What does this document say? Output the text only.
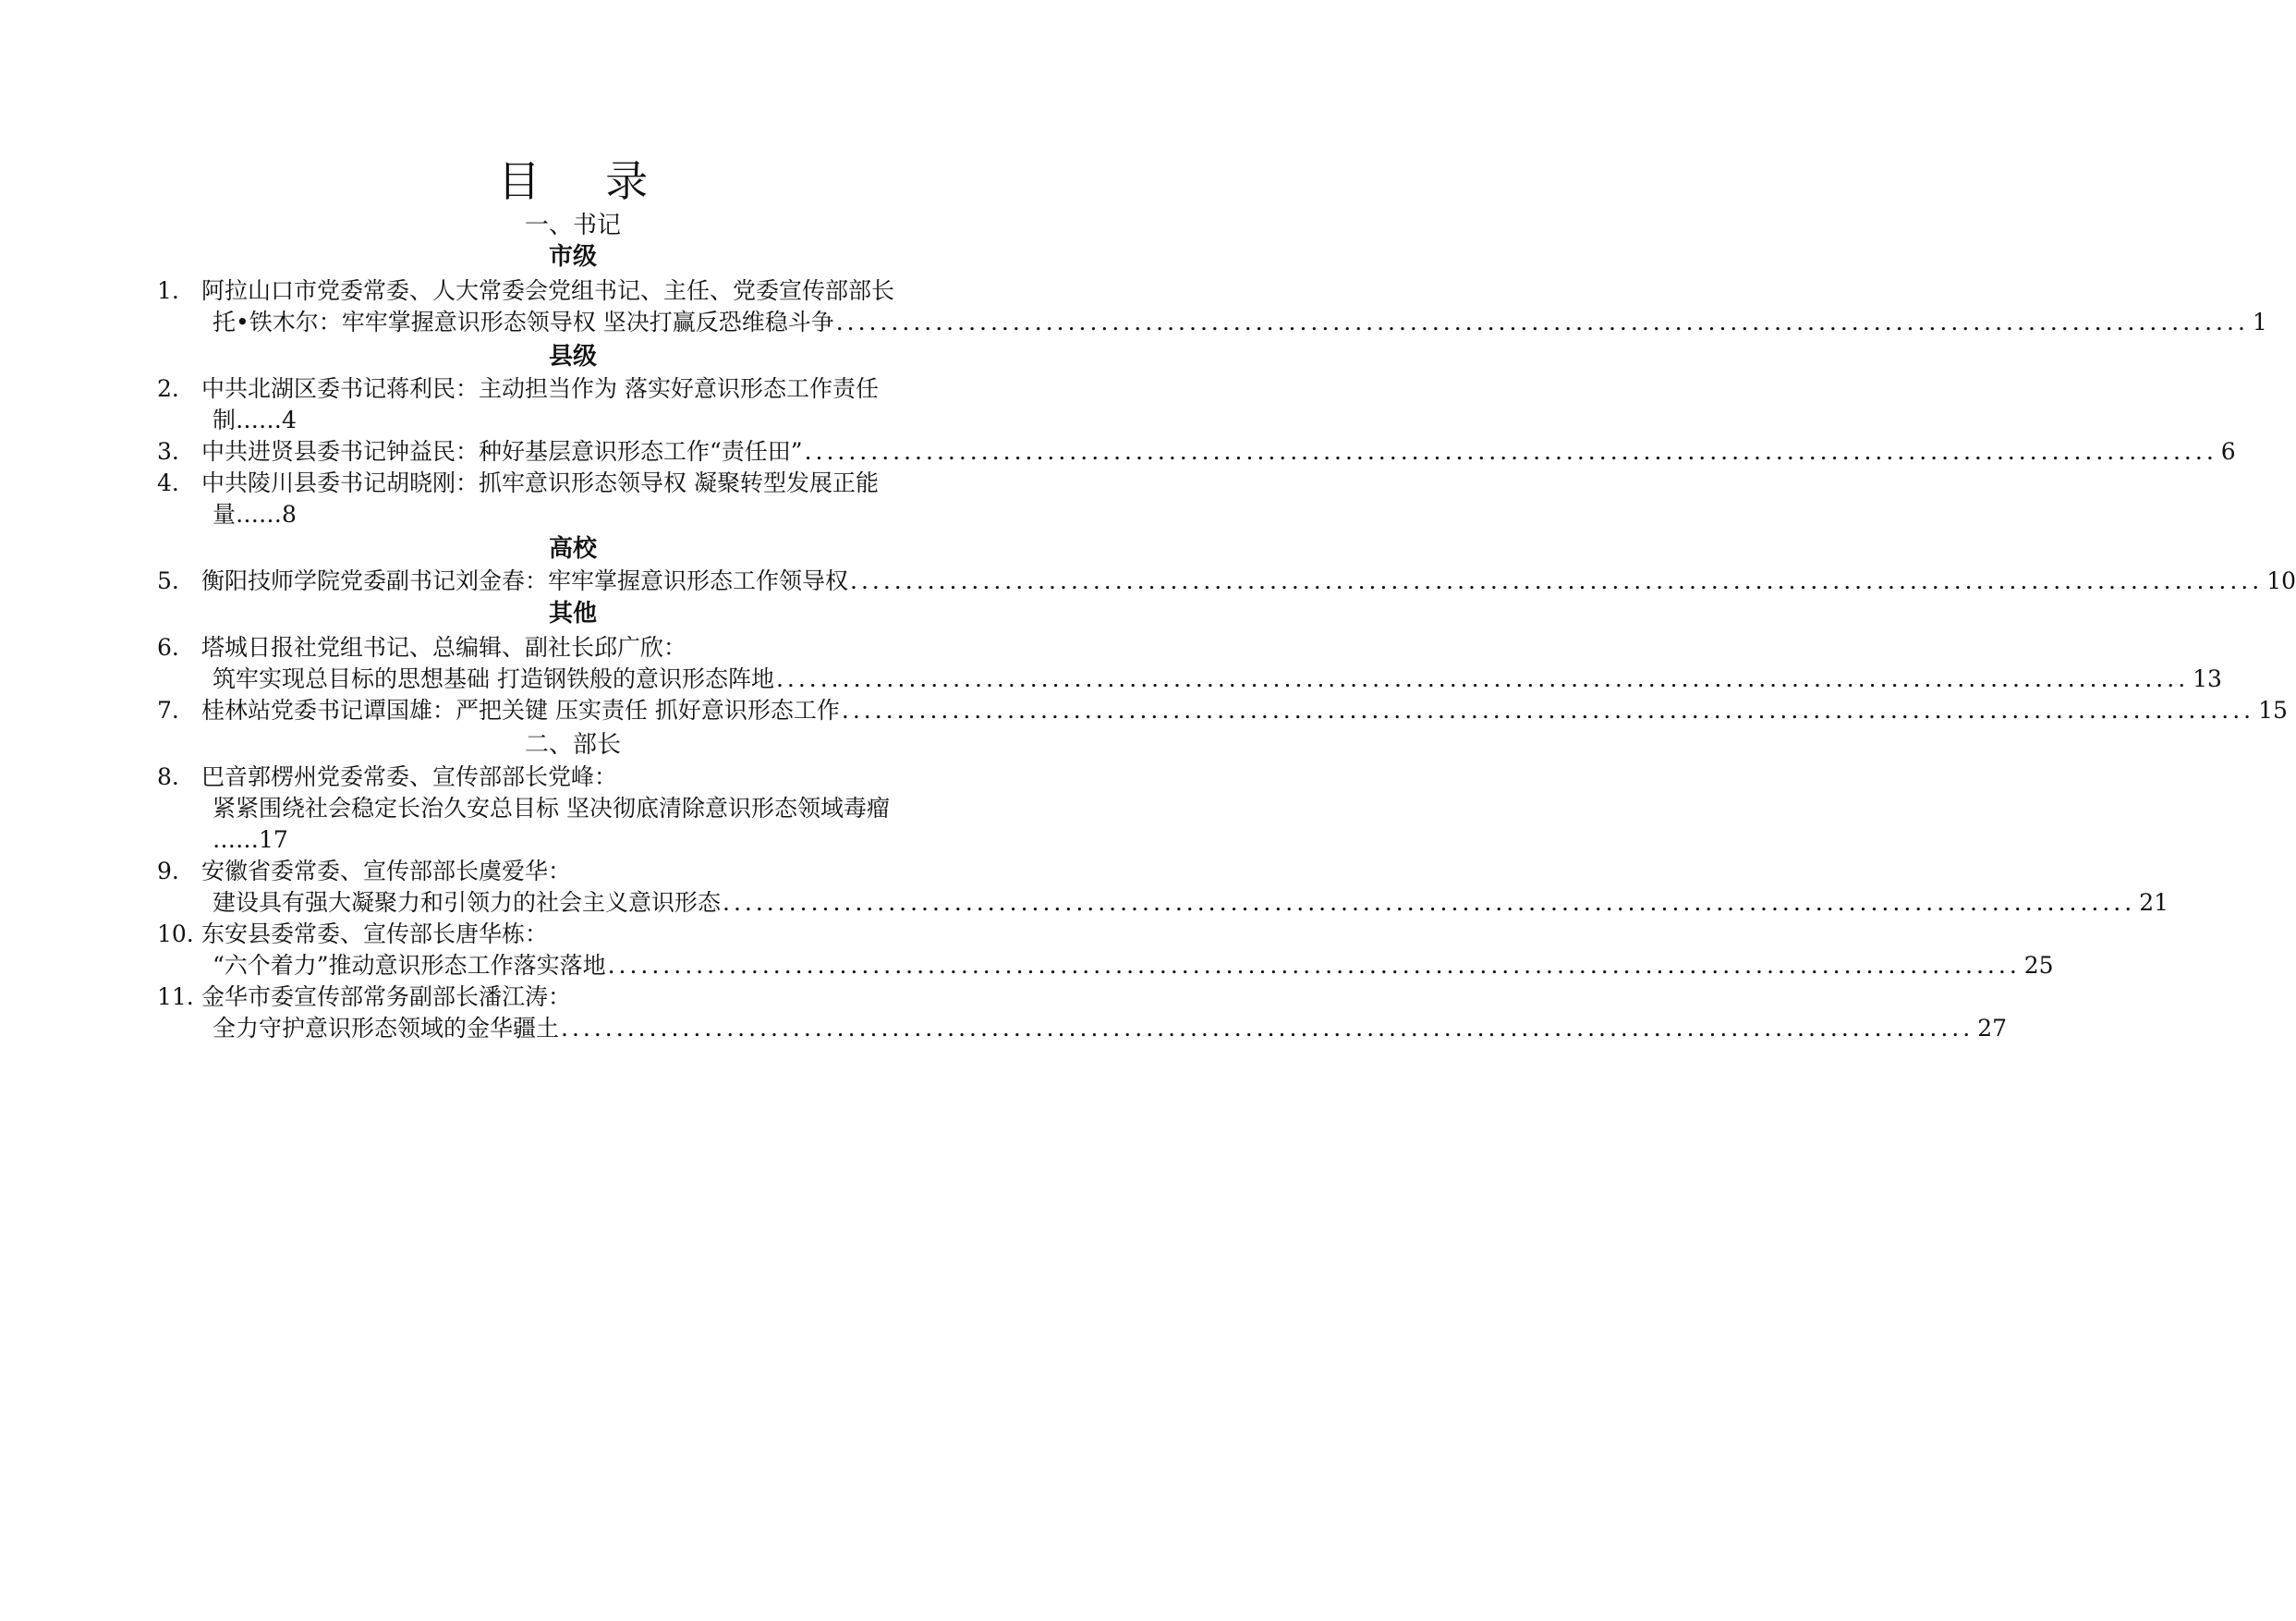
目 录
一、书记
市级
1. 阿拉山口市党委常委、人大常委会党组书记、主任、党委宣传部部长
托•铁木尔：牢牢掌握意识形态领导权 坚决打赢反恐维稳斗争 ................................................................................................................................ 1
县级
2. 中共北湖区委书记蒋利民：主动担当作为 落实好意识形态工作责任
制……4
3. 中共进贤县委书记钟益民：种好基层意识形态工作“责任田” ................................................................................................................................ 6
4. 中共陵川县委书记胡晓刚：抓牢意识形态领导权 凝聚转型发展正能
量……8
高校
5. 衡阳技师学院党委副书记刘金春：牢牢掌握意识形态工作领导权 ................................................................................................................................ 10
其他
6. 塔城日报社党组书记、总编辑、副社长邱广欣：
筑牢实现总目标的思想基础 打造钢铁般的意识形态阵地 ................................................................................................................................ 13
7. 桂林站党委书记谭国雄：严把关键 压实责任 抓好意识形态工作 ................................................................................................................................ 15
二、部长
8. 巴音郭楞州党委常委、宣传部部长党峰：
紧紧围绕社会稳定长治久安总目标 坚决彻底清除意识形态领域毒瘤
……17
9. 安徽省委常委、宣传部部长虞爱华：
建设具有强大凝聚力和引领力的社会主义意识形态 ................................................................................................................................ 21
10. 东安县委常委、宣传部长唐华栋：
“六个着力”推动意识形态工作落实落地 ................................................................................................................................ 25
11. 金华市委宣传部常务副部长潘江涛：
全力守护意识形态领域的金华疆土 ................................................................................................................................ 27
